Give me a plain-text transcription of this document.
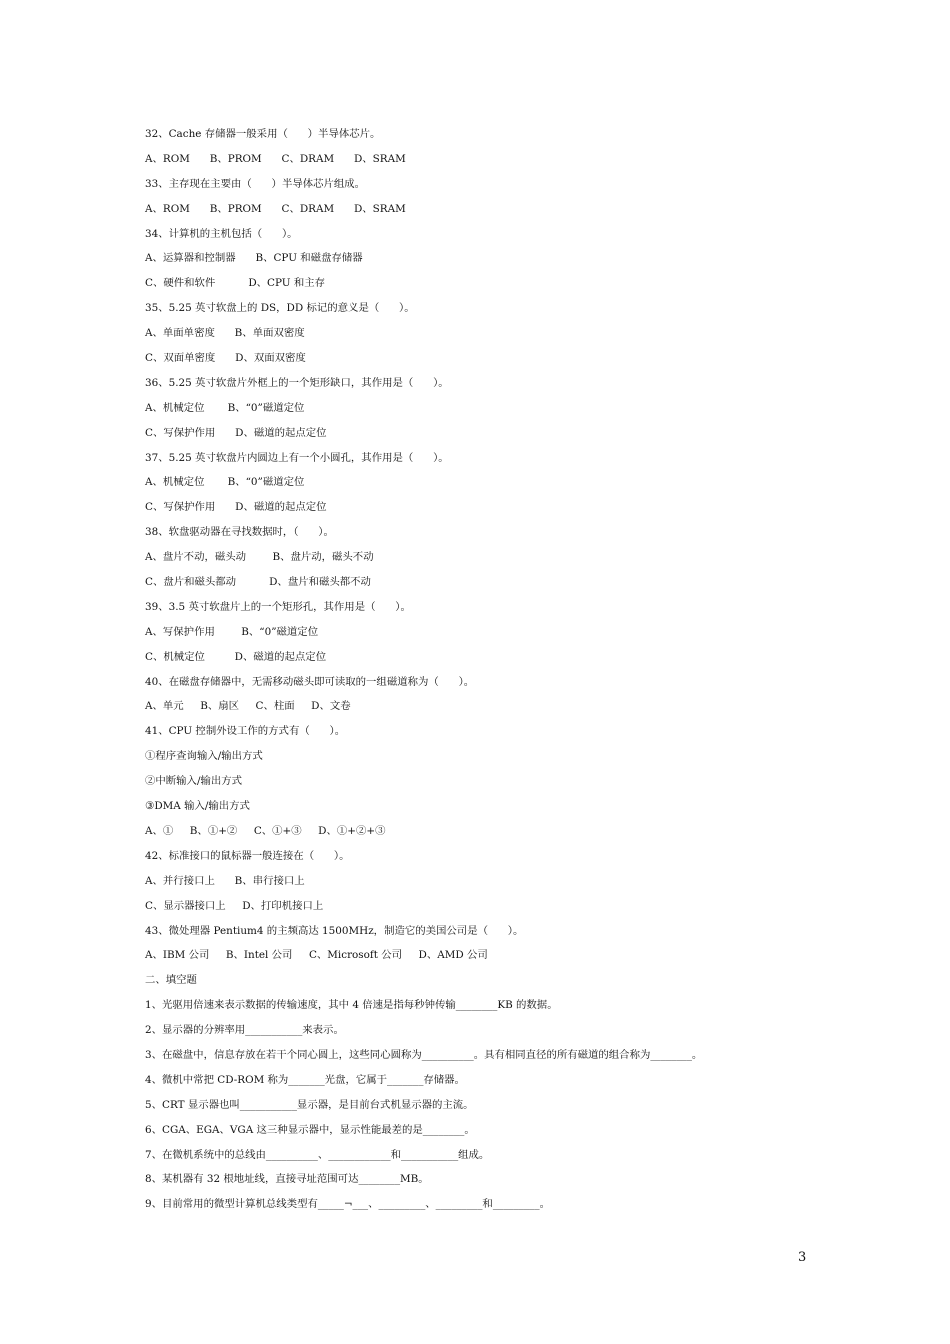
32、Cache 存储器一般采用（      ）半导体芯片。
A、ROM      B、PROM      C、DRAM      D、SRAM
33、主存现在主要由（      ）半导体芯片组成。
A、ROM      B、PROM      C、DRAM      D、SRAM
34、计算机的主机包括（      ）。
A、运算器和控制器      B、CPU 和磁盘存储器
C、硬件和软件          D、CPU 和主存
35、5.25 英寸软盘上的 DS，DD 标记的意义是（      ）。
A、单面单密度      B、单面双密度
C、双面单密度      D、双面双密度
36、5.25 英寸软盘片外框上的一个矩形缺口，其作用是（      ）。
A、机械定位       B、“0”磁道定位
C、写保护作用      D、磁道的起点定位
37、5.25 英寸软盘片内圆边上有一个小圆孔，其作用是（      ）。
A、机械定位       B、“0”磁道定位
C、写保护作用      D、磁道的起点定位
38、软盘驱动器在寻找数据时，（      ）。
A、盘片不动，磁头动        B、盘片动，磁头不动
C、盘片和磁头都动          D、盘片和磁头都不动
39、3.5 英寸软盘片上的一个矩形孔，其作用是（      ）。
A、写保护作用        B、“0”磁道定位
C、机械定位         D、磁道的起点定位
40、在磁盘存储器中，无需移动磁头即可读取的一组磁道称为（      ）。
A、单元     B、扇区     C、柱面     D、文卷
41、CPU 控制外设工作的方式有（      ）。
①程序查询输入/输出方式
②中断输入/输出方式
③DMA 输入/输出方式
A、①     B、①+②     C、①+③     D、①+②+③
42、标准接口的鼠标器一般连接在（      ）。
A、并行接口上      B、串行接口上
C、显示器接口上     D、打印机接口上
43、微处理器 Pentium4 的主频高达 1500MHz，制造它的美国公司是（      ）。
A、IBM 公司     B、Intel 公司     C、Microsoft 公司     D、AMD 公司
二、填空题
1、光驱用倍速来表示数据的传输速度，其中 4 倍速是指每秒钟传输________KB 的数据。
2、显示器的分辨率用___________来表示。
3、在磁盘中，信息存放在若干个同心圆上，这些同心圆称为__________。具有相同直径的所有磁道的组合称为________。
4、微机中常把 CD-ROM 称为_______光盘，它属于_______存储器。
5、CRT 显示器也叫___________显示器，是目前台式机显示器的主流。
6、CGA、EGA、VGA 这三种显示器中，显示性能最差的是________。
7、在微机系统中的总线由__________、____________和___________组成。
8、某机器有 32 根地址线，直接寻址范围可达________MB。
9、目前常用的微型计算机总线类型有_____¬___、_________、_________和_________。
3
